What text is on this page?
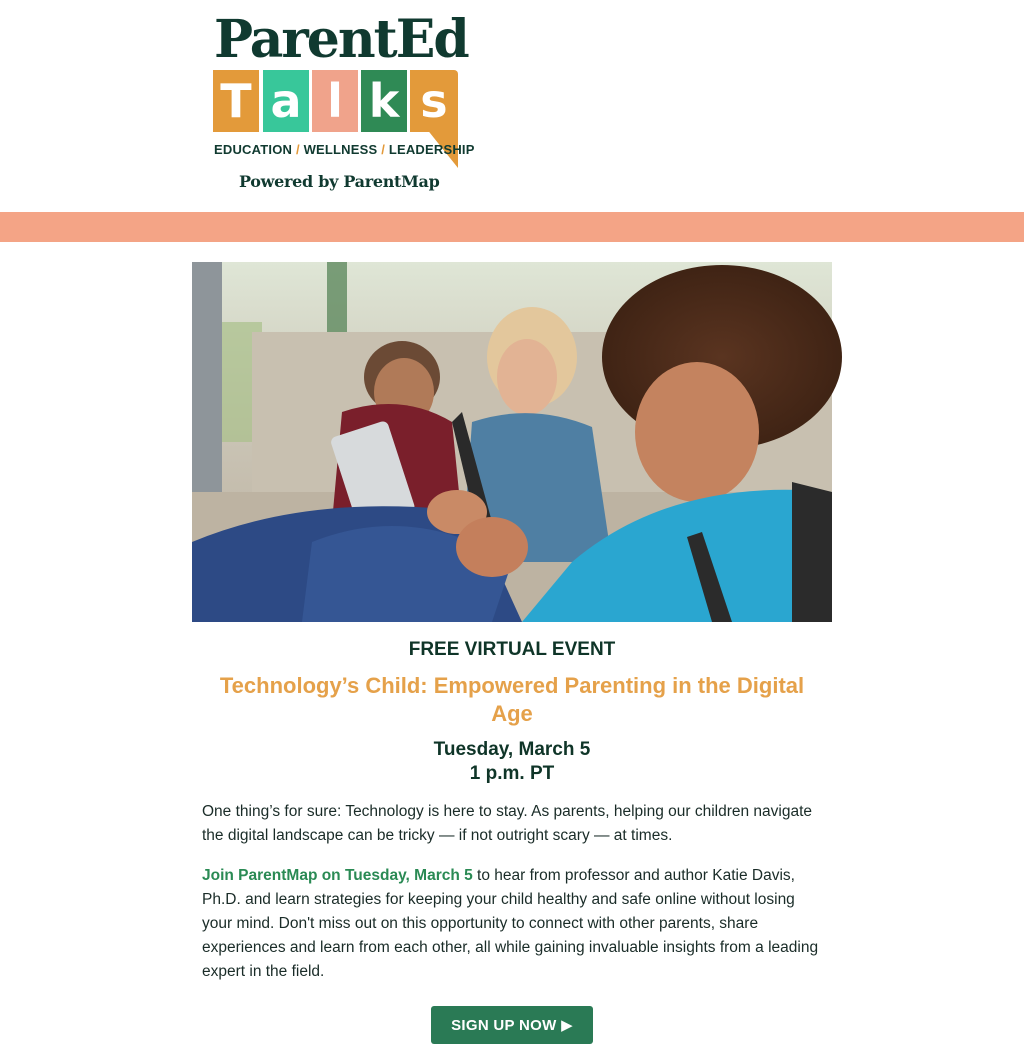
ParentEd
T a l k s
EDUCATION / WELLNESS / LEADERSHIP
Powered by ParentMap
FREE VIRTUAL EVENT
Technology’s Child: Empowered Parenting in the Digital Age
Tuesday, March 5
1 p.m. PT

One thing’s for sure: Technology is here to stay. As parents, helping our children navigate the digital landscape can be tricky — if not outright scary — at times.

Join ParentMap on Tuesday, March 5 to hear from professor and author Katie Davis, Ph.D. and learn strategies for keeping your child healthy and safe online without losing your mind. Don't miss out on this opportunity to connect with other parents, share experiences and learn from each other, all while gaining invaluable insights from a leading expert in the field.

SIGN UP NOW ▶
